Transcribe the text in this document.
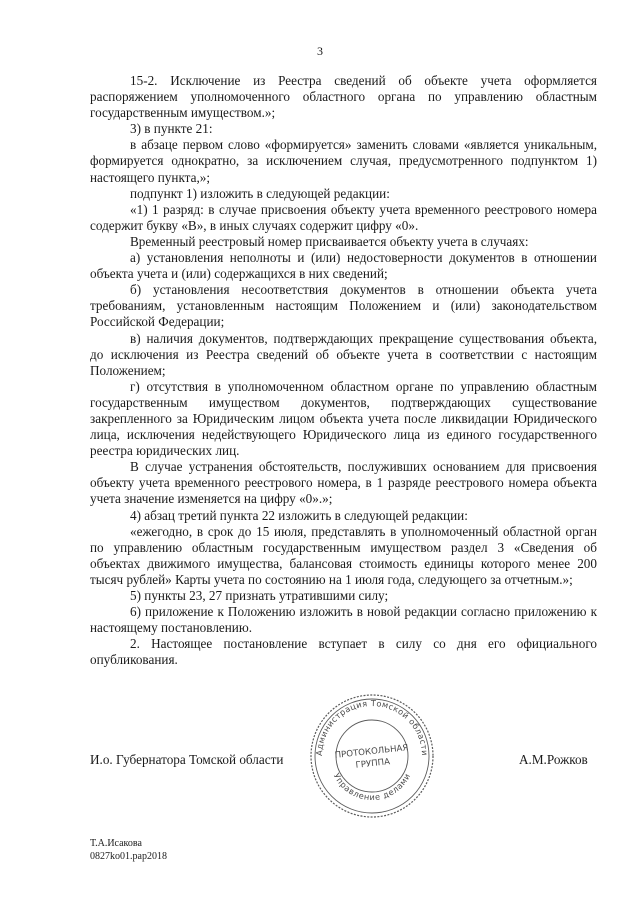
3

15-2. Исключение из Реестра сведений об объекте учета оформляется распоряжением уполномоченного областного органа по управлению областным государственным имуществом.»;

3) в пункте 21:

в абзаце первом слово «формируется» заменить словами «является уникальным, формируется однократно, за исключением случая, предусмотренного подпунктом 1) настоящего пункта,»;

подпункт 1) изложить в следующей редакции:

«1) 1 разряд: в случае присвоения объекту учета временного реестрового номера содержит букву «В», в иных случаях содержит цифру «0».

Временный реестровый номер присваивается объекту учета в случаях:

а) установления неполноты и (или) недостоверности документов в отношении объекта учета и (или) содержащихся в них сведений;

б) установления несоответствия документов в отношении объекта учета требованиям, установленным настоящим Положением и (или) законодательством Российской Федерации;

в) наличия документов, подтверждающих прекращение существования объекта, до исключения из Реестра сведений об объекте учета в соответствии с настоящим Положением;

г) отсутствия в уполномоченном областном органе по управлению областным государственным имуществом документов, подтверждающих существование закрепленного за Юридическим лицом объекта учета после ликвидации Юридического лица, исключения недействующего Юридического лица из единого государственного реестра юридических лиц.

В случае устранения обстоятельств, послуживших основанием для присвоения объекту учета временного реестрового номера, в 1 разряде реестрового номера объекта учета значение изменяется на цифру «0».»;

4) абзац третий пункта 22 изложить в следующей редакции:

«ежегодно, в срок до 15 июля, представлять в уполномоченный областной орган по управлению областным государственным имуществом раздел 3 «Сведения об объектах движимого имущества, балансовая стоимость единицы которого менее 200 тысяч рублей» Карты учета по состоянию на 1 июля года, следующего за отчетным.»;

5) пункты 23, 27 признать утратившими силу;

6) приложение к Положению изложить в новой редакции согласно приложению к настоящему постановлению.

2. Настоящее постановление вступает в силу со дня его официального опубликования.

И.о. Губернатора Томской области	А.М.Рожков
Администрация Томской области
Управление делами
ПРОТОКОЛЬНАЯ
ГРУППА
Т.А.Исакова
0827ko01.pap2018
